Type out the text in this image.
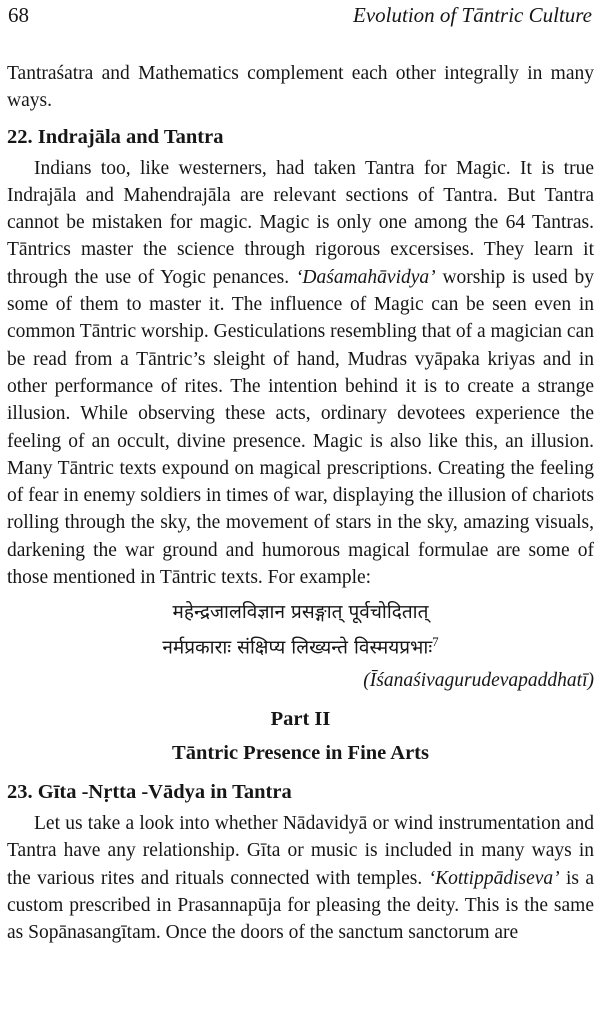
68	Evolution of Tāntric Culture

Tantraśatra and Mathematics complement each other integrally in many ways.

22. Indrajāla and Tantra

Indians too, like westerners, had taken Tantra for Magic. It is true Indrajāla and Mahendrajāla are relevant sections of Tantra. But Tantra cannot be mistaken for magic. Magic is only one among the 64 Tantras. Tāntrics master the science through rigorous excersises. They learn it through the use of Yogic penances. ‘Daśamahāvidya’ worship is used by some of them to master it. The influence of Magic can be seen even in common Tāntric worship. Gesticulations resembling that of a magician can be read from a Tāntric’s sleight of hand, Mudras vyāpaka kriyas and in other performance of rites. The intention behind it is to create a strange illusion. While observing these acts, ordinary devotees experience the feeling of an occult, divine presence. Magic is also like this, an illusion. Many Tāntric texts expound on magical prescriptions. Creating the feeling of fear in enemy soldiers in times of war, displaying the illusion of chariots rolling through the sky, the movement of stars in the sky, amazing visuals, darkening the war ground and humorous magical formulae are some of those mentioned in Tāntric texts. For example:

महेन्द्रजालविज्ञान प्रसङ्गात् पूर्वचोदितात्
नर्मप्रकाराः संक्षिप्य लिख्यन्ते विस्मयप्रभाः$^7$
(Īśanaśivagurudevapaddhatī)
Part II
Tāntric Presence in Fine Arts
23. Gīta -Nṛtta -Vādya in Tantra

Let us take a look into whether Nādavidyā or wind instrumentation and Tantra have any relationship. Gīta or music is included in many ways in the various rites and rituals connected with temples. ‘Kottippādiseva’ is a custom prescribed in Prasannapūja for pleasing the deity. This is the same as Sopānasangītam. Once the doors of the sanctum sanctorum are
